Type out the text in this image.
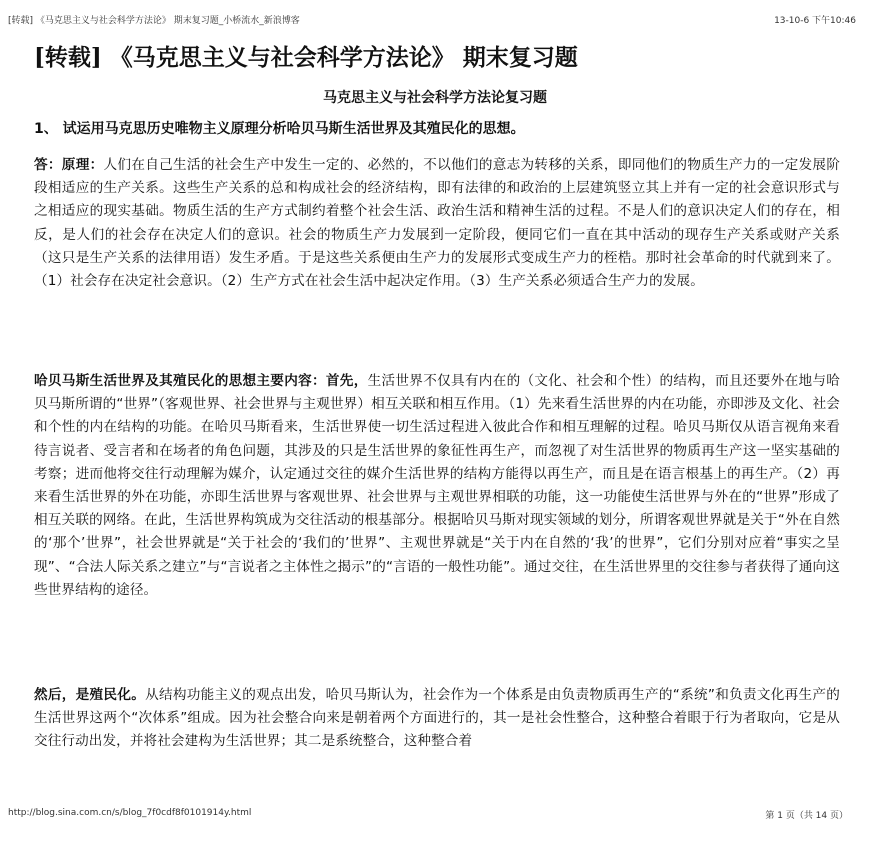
[转载] 《马克思主义与社会科学方法论》 期末复习题_小桥流水_新浪博客	13-10-6 下午10:46
[转载] 《马克思主义与社会科学方法论》 期末复习题
马克思主义与社会科学方法论复习题
1、 试运用马克思历史唯物主义原理分析哈贝马斯生活世界及其殖民化的思想。
答：原理：人们在自己生活的社会生产中发生一定的、必然的，不以他们的意志为转移的关系，即同他们的物质生产力的一定发展阶段相适应的生产关系。这些生产关系的总和构成社会的经济结构，即有法律的和政治的上层建筑竖立其上并有一定的社会意识形式与之相适应的现实基础。物质生活的生产方式制约着整个社会生活、政治生活和精神生活的过程。不是人们的意识决定人们的存在，相反，是人们的社会存在决定人们的意识。社会的物质生产力发展到一定阶段，便同它们一直在其中活动的现存生产关系或财产关系（这只是生产关系的法律用语）发生矛盾。于是这些关系便由生产力的发展形式变成生产力的桎梏。那时社会革命的时代就到来了。（1）社会存在决定社会意识。（2）生产方式在社会生活中起决定作用。（3）生产关系必须适合生产力的发展。
哈贝马斯生活世界及其殖民化的思想主要内容：首先，生活世界不仅具有内在的（文化、社会和个性）的结构，而且还要外在地与哈贝马斯所谓的“世界”（客观世界、社会世界与主观世界）相互关联和相互作用。（1）先来看生活世界的内在功能，亦即涉及文化、社会和个性的内在结构的功能。在哈贝马斯看来，生活世界使一切生活过程进入彼此合作和相互理解的过程。哈贝马斯仅从语言视角来看待言说者、受言者和在场者的角色问题，其涉及的只是生活世界的象征性再生产，而忽视了对生活世界的物质再生产这一坚实基础的考察；进而他将交往行动理解为媒介，认定通过交往的媒介生活世界的结构方能得以再生产，而且是在语言根基上的再生产。（2）再来看生活世界的外在功能，亦即生活世界与客观世界、社会世界与主观世界相联的功能，这一功能使生活世界与外在的“世界”形成了相互关联的网络。在此，生活世界构筑成为交往活动的根基部分。根据哈贝马斯对现实领域的划分，所谓客观世界就是关于“外在自然的‘那个’世界”，社会世界就是“关于社会的‘我们的’世界”、主观世界就是“关于内在自然的‘我’的世界”，它们分别对应着“事实之呈现”、“合法人际关系之建立”与“言说者之主体性之揭示”的“言语的一般性功能”。通过交往，在生活世界里的交往参与者获得了通向这些世界结构的途径。
然后，是殖民化。从结构功能主义的观点出发，哈贝马斯认为，社会作为一个体系是由负责物质再生产的“系统”和负责文化再生产的生活世界这两个“次体系”组成。因为社会整合向来是朝着两个方面进行的，其一是社会性整合，这种整合着眼于行为者取向，它是从交往行动出发，并将社会建构为生活世界；其二是系统整合，这种整合着
http://blog.sina.com.cn/s/blog_7f0cdf8f0101914y.html	第 1 页（共 14 页）
